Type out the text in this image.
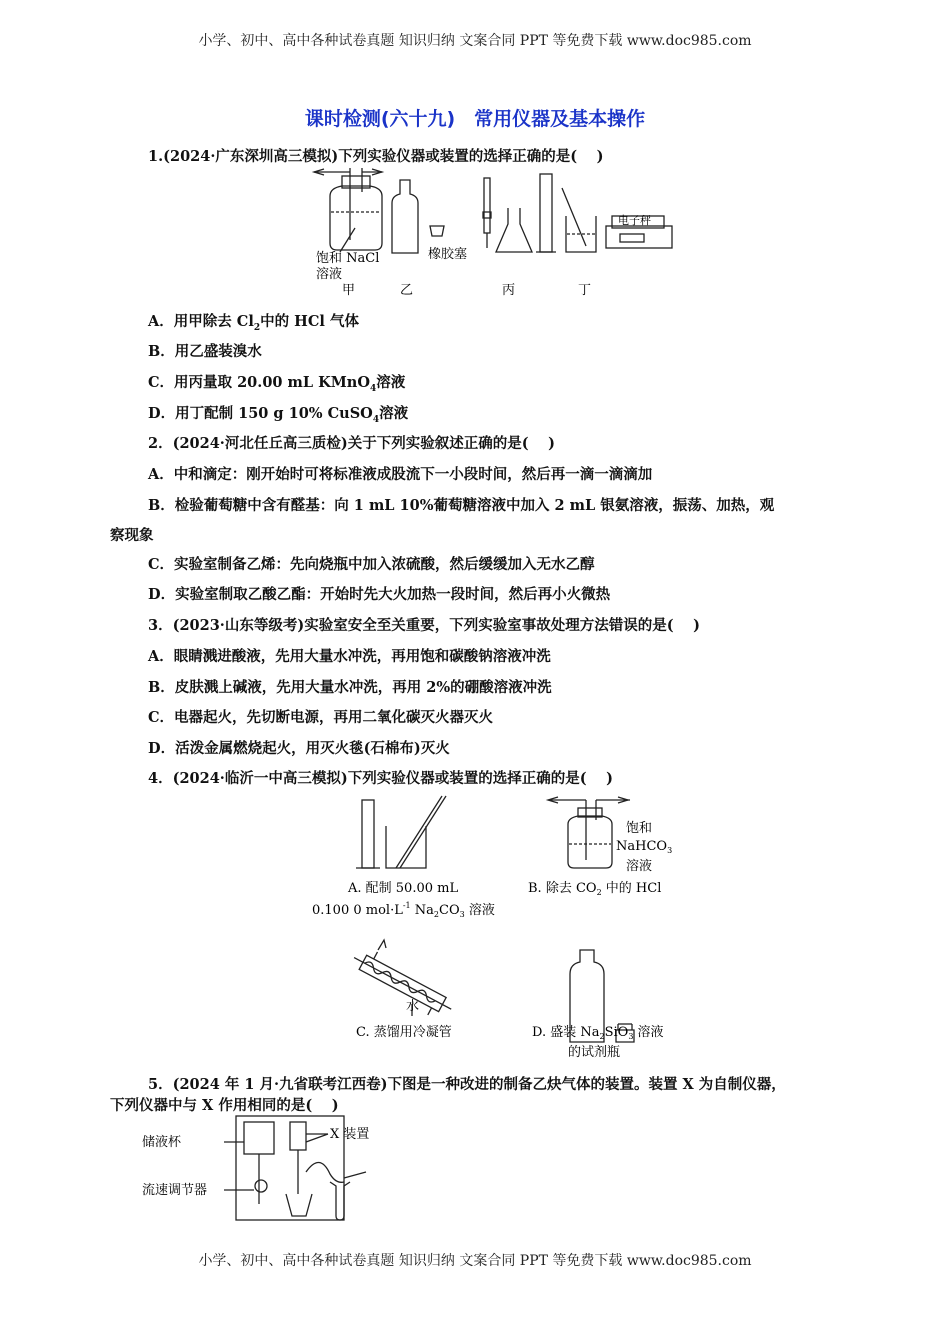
小学、初中、高中各种试卷真题 知识归纳 文案合同 PPT 等免费下载 www.doc985.com
课时检测(六十九)　常用仪器及基本操作
1.(2024·广东深圳高三模拟)下列实验仪器或装置的选择正确的是(　 )
饱和 NaCl
溶液
橡胶塞
电子秤
甲	乙	丙	丁
A．用甲除去 $Cl_2$中的 HCl 气体
B．用乙盛装溴水
C．用丙量取 20.00 mL KMnO$_4$溶液
D．用丁配制 150 g 10% CuSO$_4$溶液
2．(2024·河北任丘高三质检)关于下列实验叙述正确的是(　 )
A．中和滴定：刚开始时可将标准液成股流下一小段时间，然后再一滴一滴滴加
B．检验葡萄糖中含有醛基：向 1 mL 10%葡萄糖溶液中加入 2 mL 银氨溶液，振荡、加热，观
察现象
C．实验室制备乙烯：先向烧瓶中加入浓硫酸，然后缓缓加入无水乙醇
D．实验室制取乙酸乙酯：开始时先大火加热一段时间，然后再小火微热
3．(2023·山东等级考)实验室安全至关重要，下列实验室事故处理方法错误的是(　 )
A．眼睛溅进酸液，先用大量水冲洗，再用饱和碳酸钠溶液冲洗
B．皮肤溅上碱液，先用大量水冲洗，再用 2%的硼酸溶液冲洗
C．电器起火，先切断电源，再用二氧化碳灭火器灭火
D．活泼金属燃烧起火，用灭火毯(石棉布)灭火
4．(2024·临沂一中高三模拟)下列实验仪器或装置的选择正确的是(　 )
A. 配制 50.00 mL
0.100 0 $mol\cdot L^{-1}$ $Na_2CO_3$ 溶液
饱和
NaHCO$_3$
溶液
B. 除去 $CO_2$ 中的 HCl
水
C. 蒸馏用冷凝管	D. 盛装 $Na_2SiO_3$ 溶液
的试剂瓶
5．(2024 年 1 月·九省联考江西卷)下图是一种改进的制备乙炔气体的装置。装置 X 为自制仪器，
下列仪器中与 X 作用相同的是(　 )
储液杯
流速调节器
X 装置
小学、初中、高中各种试卷真题 知识归纳 文案合同 PPT 等免费下载 www.doc985.com
